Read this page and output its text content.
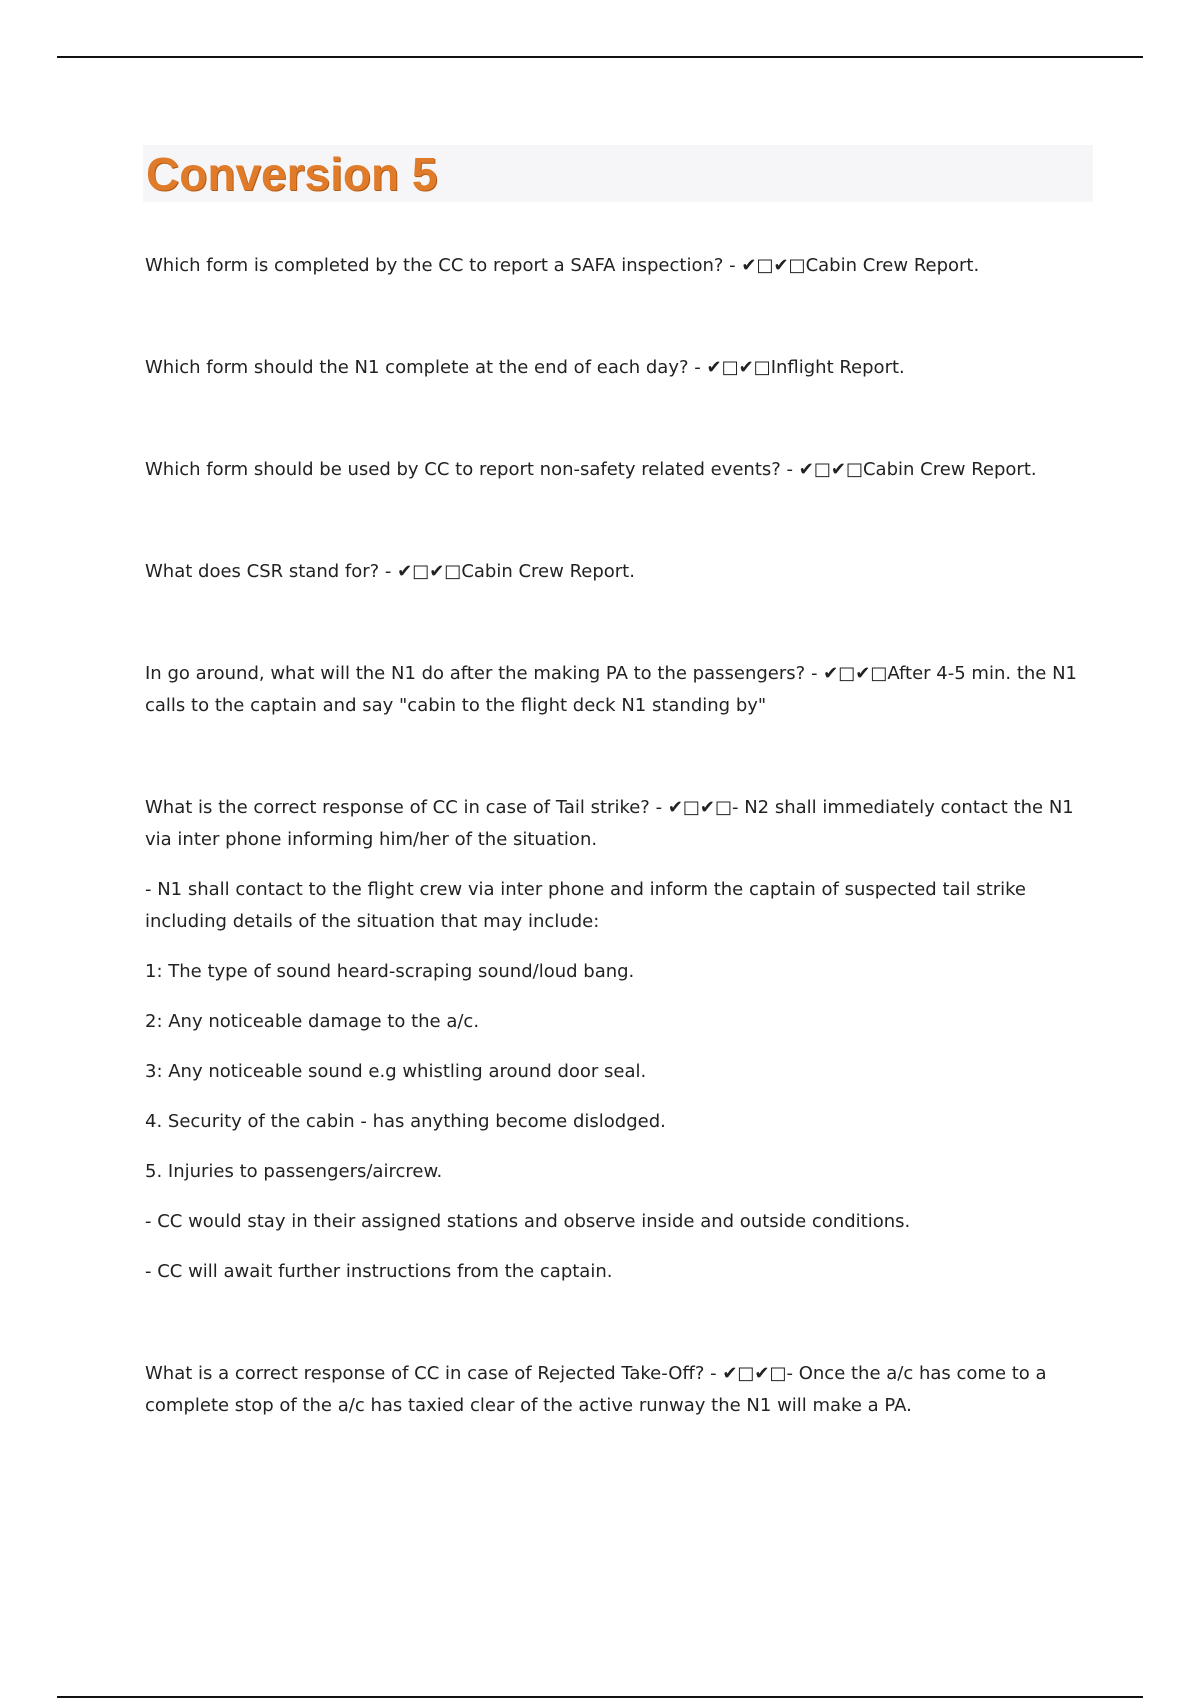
Conversion 5

Which form is completed by the CC to report a SAFA inspection? - ✔□✔□Cabin Crew Report.

Which form should the N1 complete at the end of each day? - ✔□✔□Inflight Report.

Which form should be used by CC to report non-safety related events? - ✔□✔□Cabin Crew Report.

What does CSR stand for? - ✔□✔□Cabin Crew Report.

In go around, what will the N1 do after the making PA to the passengers? - ✔□✔□After 4-5 min. the N1 calls to the captain and say "cabin to the flight deck N1 standing by"

What is the correct response of CC in case of Tail strike? - ✔□✔□- N2 shall immediately contact the N1 via inter phone informing him/her of the situation.

- N1 shall contact to the flight crew via inter phone and inform the captain of suspected tail strike including details of the situation that may include:

1: The type of sound heard-scraping sound/loud bang.

2: Any noticeable damage to the a/c.

3: Any noticeable sound e.g whistling around door seal.

4. Security of the cabin - has anything become dislodged.

5. Injuries to passengers/aircrew.

- CC would stay in their assigned stations and observe inside and outside conditions.

- CC will await further instructions from the captain.

What is a correct response of CC in case of Rejected Take-Off? - ✔□✔□- Once the a/c has come to a complete stop of the a/c has taxied clear of the active runway the N1 will make a PA.
